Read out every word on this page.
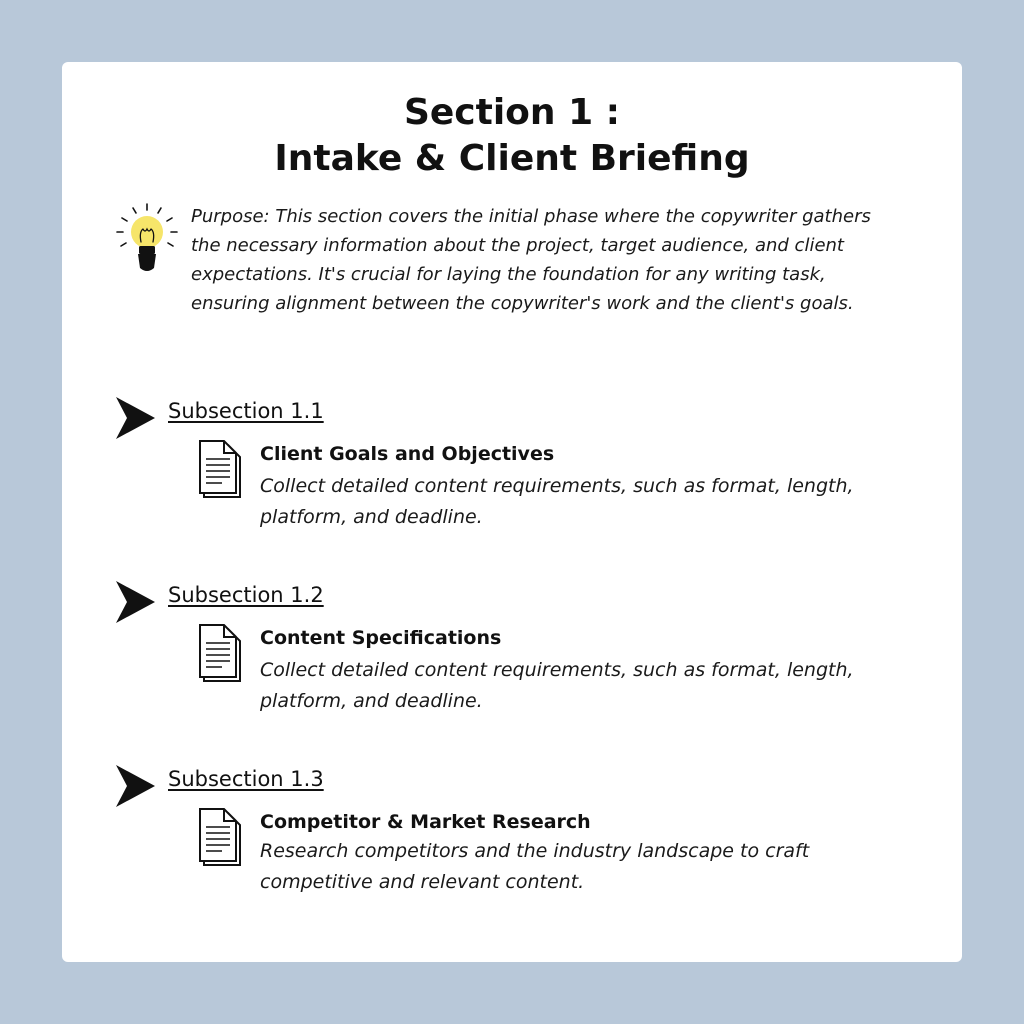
Section 1 :
Intake & Client Briefing

Purpose: This section covers the initial phase where the copywriter gathers the necessary information about the project, target audience, and client expectations. It's crucial for laying the foundation for any writing task, ensuring alignment between the copywriter's work and the client's goals.

Subsection 1.1
Client Goals and Objectives

Collect detailed content requirements, such as format, length, platform, and deadline.

Subsection 1.2
Content Specifications

Collect detailed content requirements, such as format, length, platform, and deadline.

Subsection 1.3
Competitor & Market Research

Research competitors and the industry landscape to craft competitive and relevant content.
